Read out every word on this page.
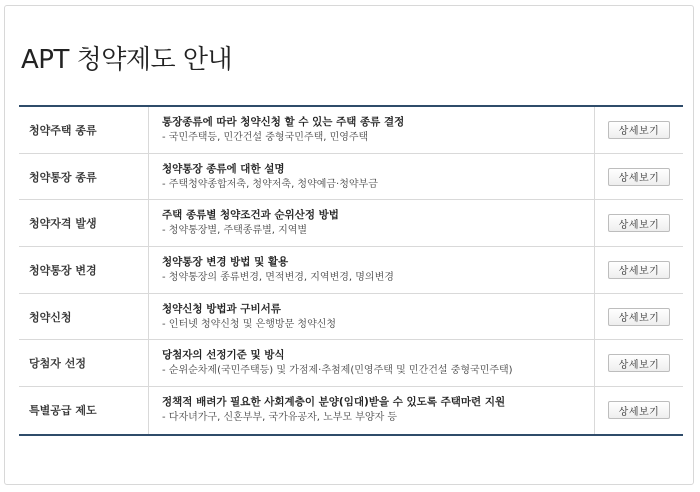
APT 청약제도 안내
청약주택 종류
통장종류에 따라 청약신청 할 수 있는 주택 종류 결정
- 국민주택등, 민간건설 중형국민주택, 민영주택	상세보기
청약통장 종류
청약통장 종류에 대한 설명
- 주택청약종합저축, 청약저축, 청약예금·청약부금	상세보기
청약자격 발생
주택 종류별 청약조건과 순위산정 방법
- 청약통장별, 주택종류별, 지역별	상세보기
청약통장 변경
청약통장 변경 방법 및 활용
- 청약통장의 종류변경, 면적변경, 지역변경, 명의변경	상세보기
청약신청
청약신청 방법과 구비서류
- 인터넷 청약신청 및 은행방문 청약신청	상세보기
당첨자 선정
당첨자의 선정기준 및 방식
- 순위순차제(국민주택등) 및 가점제·추첨제(민영주택 및 민간건설 중형국민주택)	상세보기
특별공급 제도
정책적 배려가 필요한 사회계층이 분양(임대)받을 수 있도록 주택마련 지원
- 다자녀가구, 신혼부부, 국가유공자, 노부모 부양자 등	상세보기
